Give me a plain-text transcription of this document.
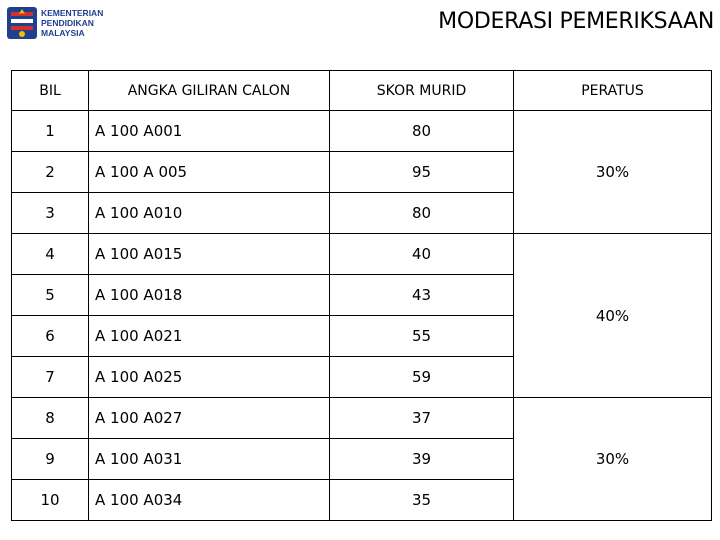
KEMENTERIAN
PENDIDIKAN
MALAYSIA	MODERASI PEMERIKSAAN
BIL	ANGKA GILIRAN CALON	SKOR MURID	PERATUS
1	A 100 A001	80	30%
2	A 100 A 005	95	
3	A 100 A010	80	
4	A 100 A015	40	40%
5	A 100 A018	43	
6	A 100 A021	55	
7	A 100 A025	59	
8	A 100 A027	37	30%
9	A 100 A031	39	
10	A 100 A034	35	
